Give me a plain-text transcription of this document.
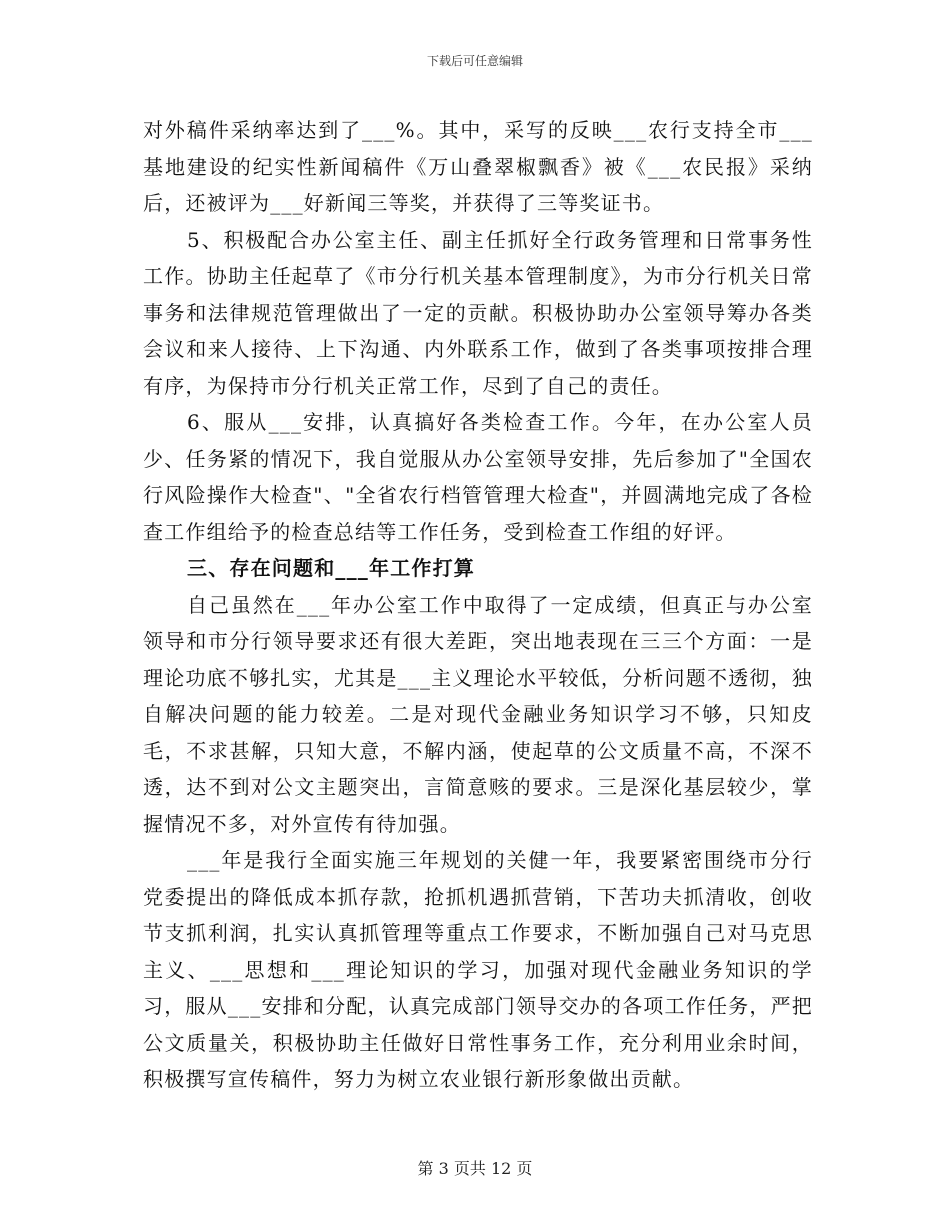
下载后可任意编辑

对外稿件采纳率达到了___%。其中，采写的反映___农行支持全市___基地建设的纪实性新闻稿件《万山叠翠椒飘香》被《___农民报》采纳后，还被评为___好新闻三等奖，并获得了三等奖证书。

5、积极配合办公室主任、副主任抓好全行政务管理和日常事务性工作。协助主任起草了《市分行机关基本管理制度》，为市分行机关日常事务和法律规范管理做出了一定的贡献。积极协助办公室领导筹办各类会议和来人接待、上下沟通、内外联系工作，做到了各类事项按排合理有序，为保持市分行机关正常工作，尽到了自己的责任。

6、服从___安排，认真搞好各类检查工作。今年，在办公室人员少、任务紧的情况下，我自觉服从办公室领导安排，先后参加了"全国农行风险操作大检查"、"全省农行档管管理大检查"，并圆满地完成了各检查工作组给予的检查总结等工作任务，受到检查工作组的好评。

三、存在问题和___年工作打算

自己虽然在___年办公室工作中取得了一定成绩，但真正与办公室领导和市分行领导要求还有很大差距，突出地表现在三三个方面：一是理论功底不够扎实，尤其是___主义理论水平较低，分析问题不透彻，独自解决问题的能力较差。二是对现代金融业务知识学习不够，只知皮毛，不求甚解，只知大意，不解内涵，使起草的公文质量不高，不深不透，达不到对公文主题突出，言简意赅的要求。三是深化基层较少，掌握情况不多，对外宣传有待加强。

___年是我行全面实施三年规划的关健一年，我要紧密围绕市分行党委提出的降低成本抓存款，抢抓机遇抓营销，下苦功夫抓清收，创收节支抓利润，扎实认真抓管理等重点工作要求，不断加强自己对马克思主义、___思想和___理论知识的学习，加强对现代金融业务知识的学习，服从___安排和分配，认真完成部门领导交办的各项工作任务，严把公文质量关，积极协助主任做好日常性事务工作，充分利用业余时间，积极撰写宣传稿件，努力为树立农业银行新形象做出贡献。

第 3 页共 12 页
